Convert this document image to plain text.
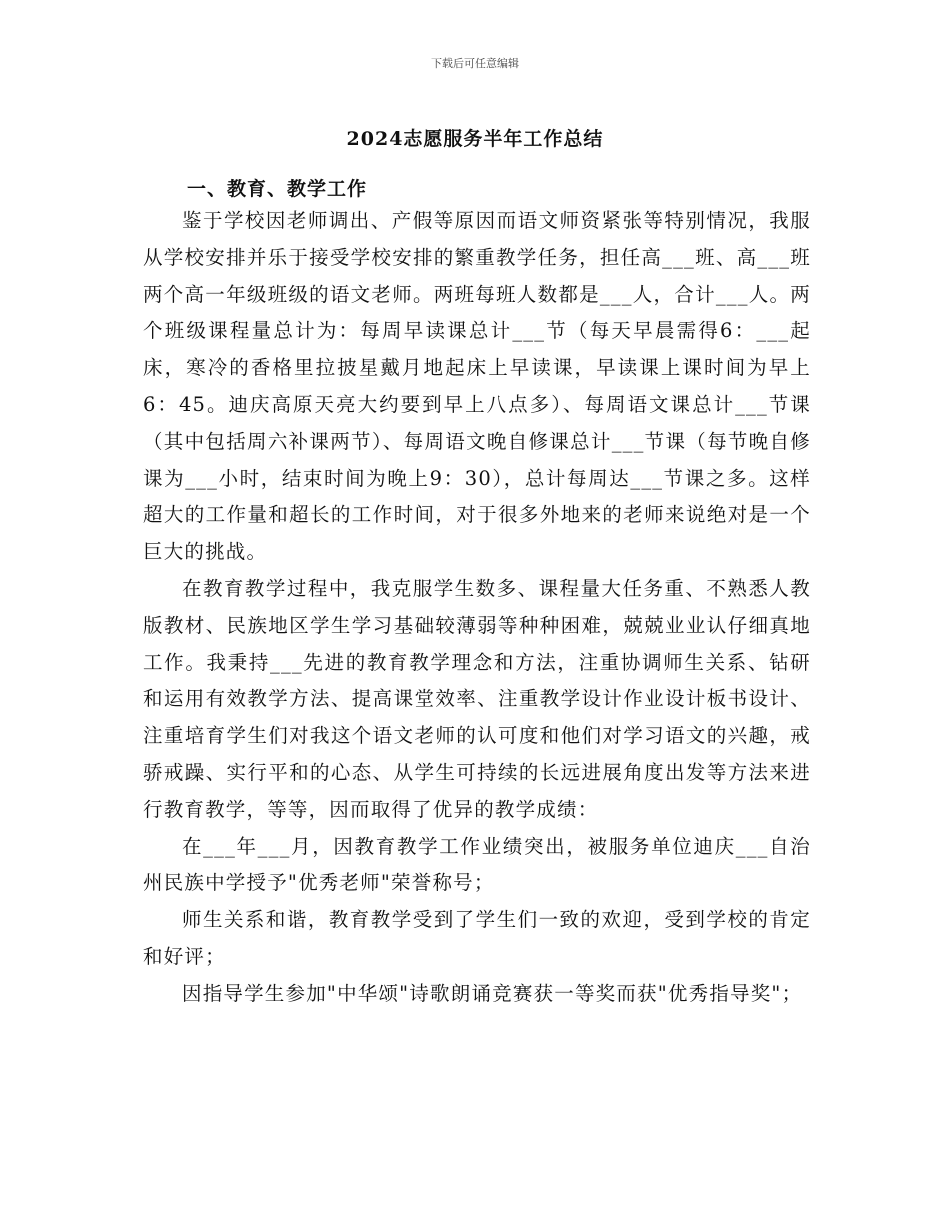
下载后可任意编辑
2024志愿服务半年工作总结
一、教育、教学工作

鉴于学校因老师调出、产假等原因而语文师资紧张等特别情况，我服从学校安排并乐于接受学校安排的繁重教学任务，担任高___班、高___班两个高一年级班级的语文老师。两班每班人数都是___人，合计___人。两个班级课程量总计为：每周早读课总计___节（每天早晨需得6：___起床，寒冷的香格里拉披星戴月地起床上早读课，早读课上课时间为早上6：45。迪庆高原天亮大约要到早上八点多）、每周语文课总计___节课（其中包括周六补课两节）、每周语文晚自修课总计___节课（每节晚自修课为___小时，结束时间为晚上9：30），总计每周达___节课之多。这样超大的工作量和超长的工作时间，对于很多外地来的老师来说绝对是一个巨大的挑战。

在教育教学过程中，我克服学生数多、课程量大任务重、不熟悉人教版教材、民族地区学生学习基础较薄弱等种种困难，兢兢业业认仔细真地工作。我秉持___先进的教育教学理念和方法，注重协调师生关系、钻研和运用有效教学方法、提高课堂效率、注重教学设计作业设计板书设计、注重培育学生们对我这个语文老师的认可度和他们对学习语文的兴趣，戒骄戒躁、实行平和的心态、从学生可持续的长远进展角度出发等方法来进行教育教学，等等，因而取得了优异的教学成绩：

在___年___月，因教育教学工作业绩突出，被服务单位迪庆___自治州民族中学授予"优秀老师"荣誉称号；

师生关系和谐，教育教学受到了学生们一致的欢迎，受到学校的肯定和好评；

因指导学生参加"中华颂"诗歌朗诵竞赛获一等奖而获"优秀指导奖"；
